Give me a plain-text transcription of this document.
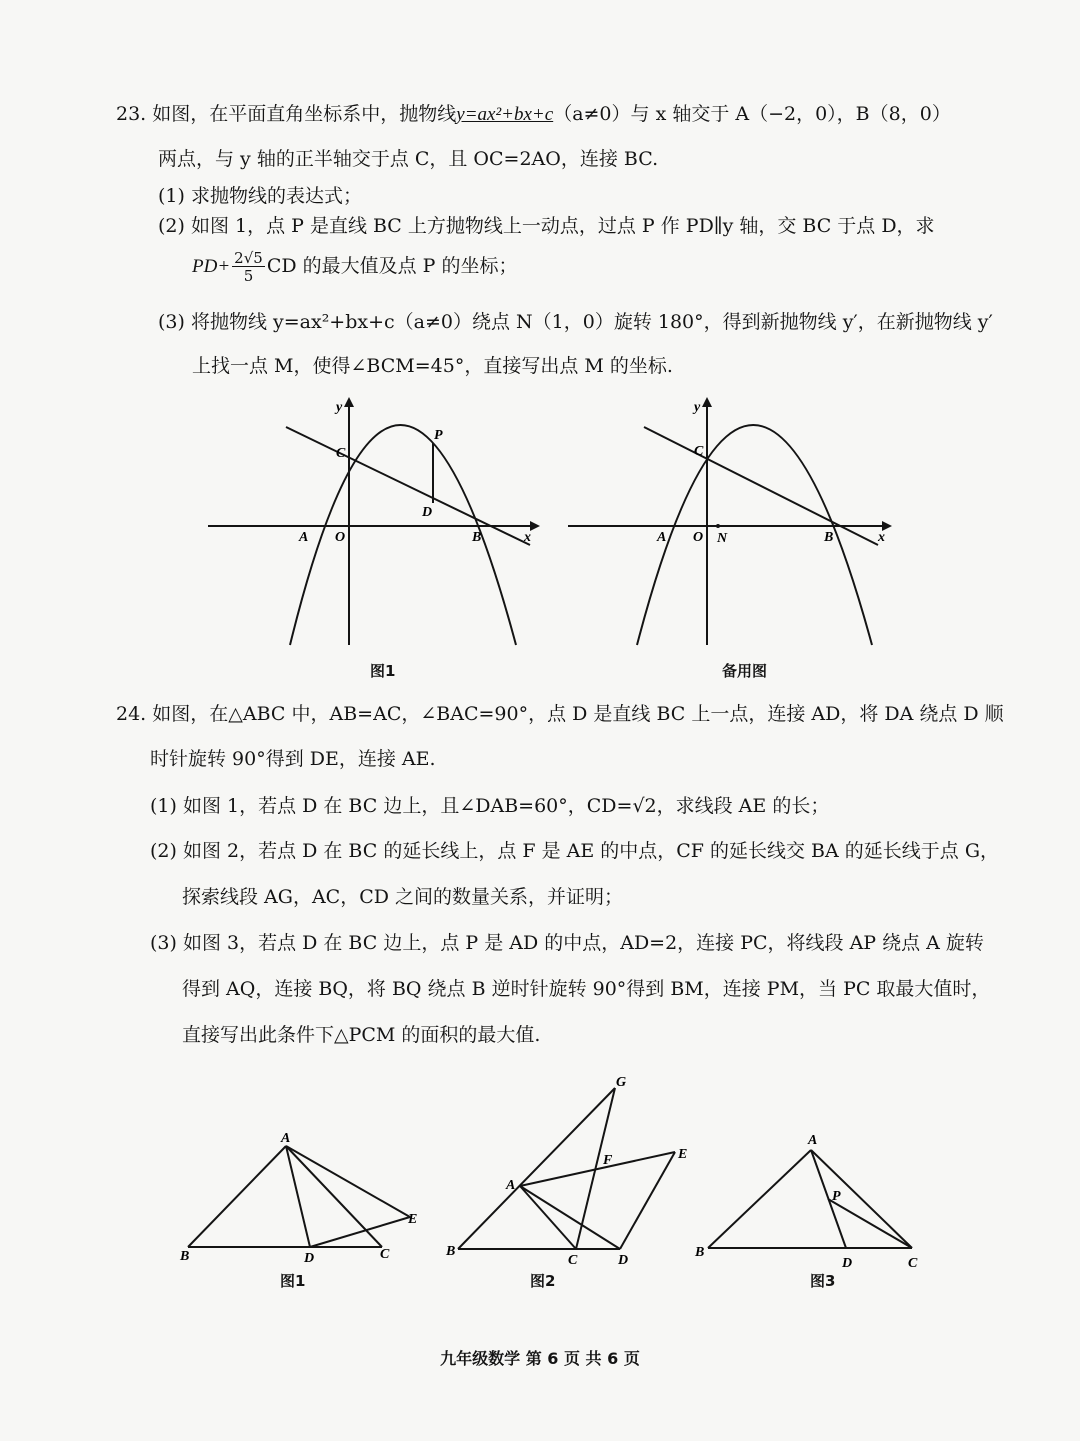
23. 如图，在平面直角坐标系中，抛物线y=ax²+bx+c（a≠0）与 x 轴交于 A（−2，0），B（8，0）
两点，与 y 轴的正半轴交于点 C，且 OC=2AO，连接 BC.
(1) 求抛物线的表达式；
(2) 如图 1，点 P 是直线 BC 上方抛物线上一动点，过点 P 作 PD∥y 轴，交 BC 于点 D，求
$PD+ \frac{2√5}{5}$ CD 的最大值及点 P 的坐标；
(3) 将抛物线 y=ax²+bx+c（a≠0）绕点 N（1，0）旋转 180°，得到新抛物线 y′，在新抛物线 y′
上找一点 M，使得∠BCM=45°，直接写出点 M 的坐标.
y
x
C
P
D
A O	B
图1
y
x
C
A O N	B
备用图
24. 如图，在△ABC 中，AB=AC，∠BAC=90°，点 D 是直线 BC 上一点，连接 AD，将 DA 绕点 D 顺
时针旋转 90°得到 DE，连接 AE.
(1) 如图 1，若点 D 在 BC 边上，且∠DAB=60°，CD=√2，求线段 AE 的长；
(2) 如图 2，若点 D 在 BC 的延长线上，点 F 是 AE 的中点，CF 的延长线交 BA 的延长线于点 G，
探索线段 AG，AC，CD 之间的数量关系，并证明；
(3) 如图 3，若点 D 在 BC 边上，点 P 是 AD 的中点，AD=2，连接 PC，将线段 AP 绕点 A 旋转
得到 AQ，连接 BQ，将 BQ 绕点 B 逆时针旋转 90°得到 BM，连接 PM，当 PC 取最大值时，
直接写出此条件下△PCM 的面积的最大值.
A
B	D	C
E
图1
G
F	E
A
B
C	D
图2
A
P
B
D	C
图3
九年级数学 第 6 页 共 6 页
